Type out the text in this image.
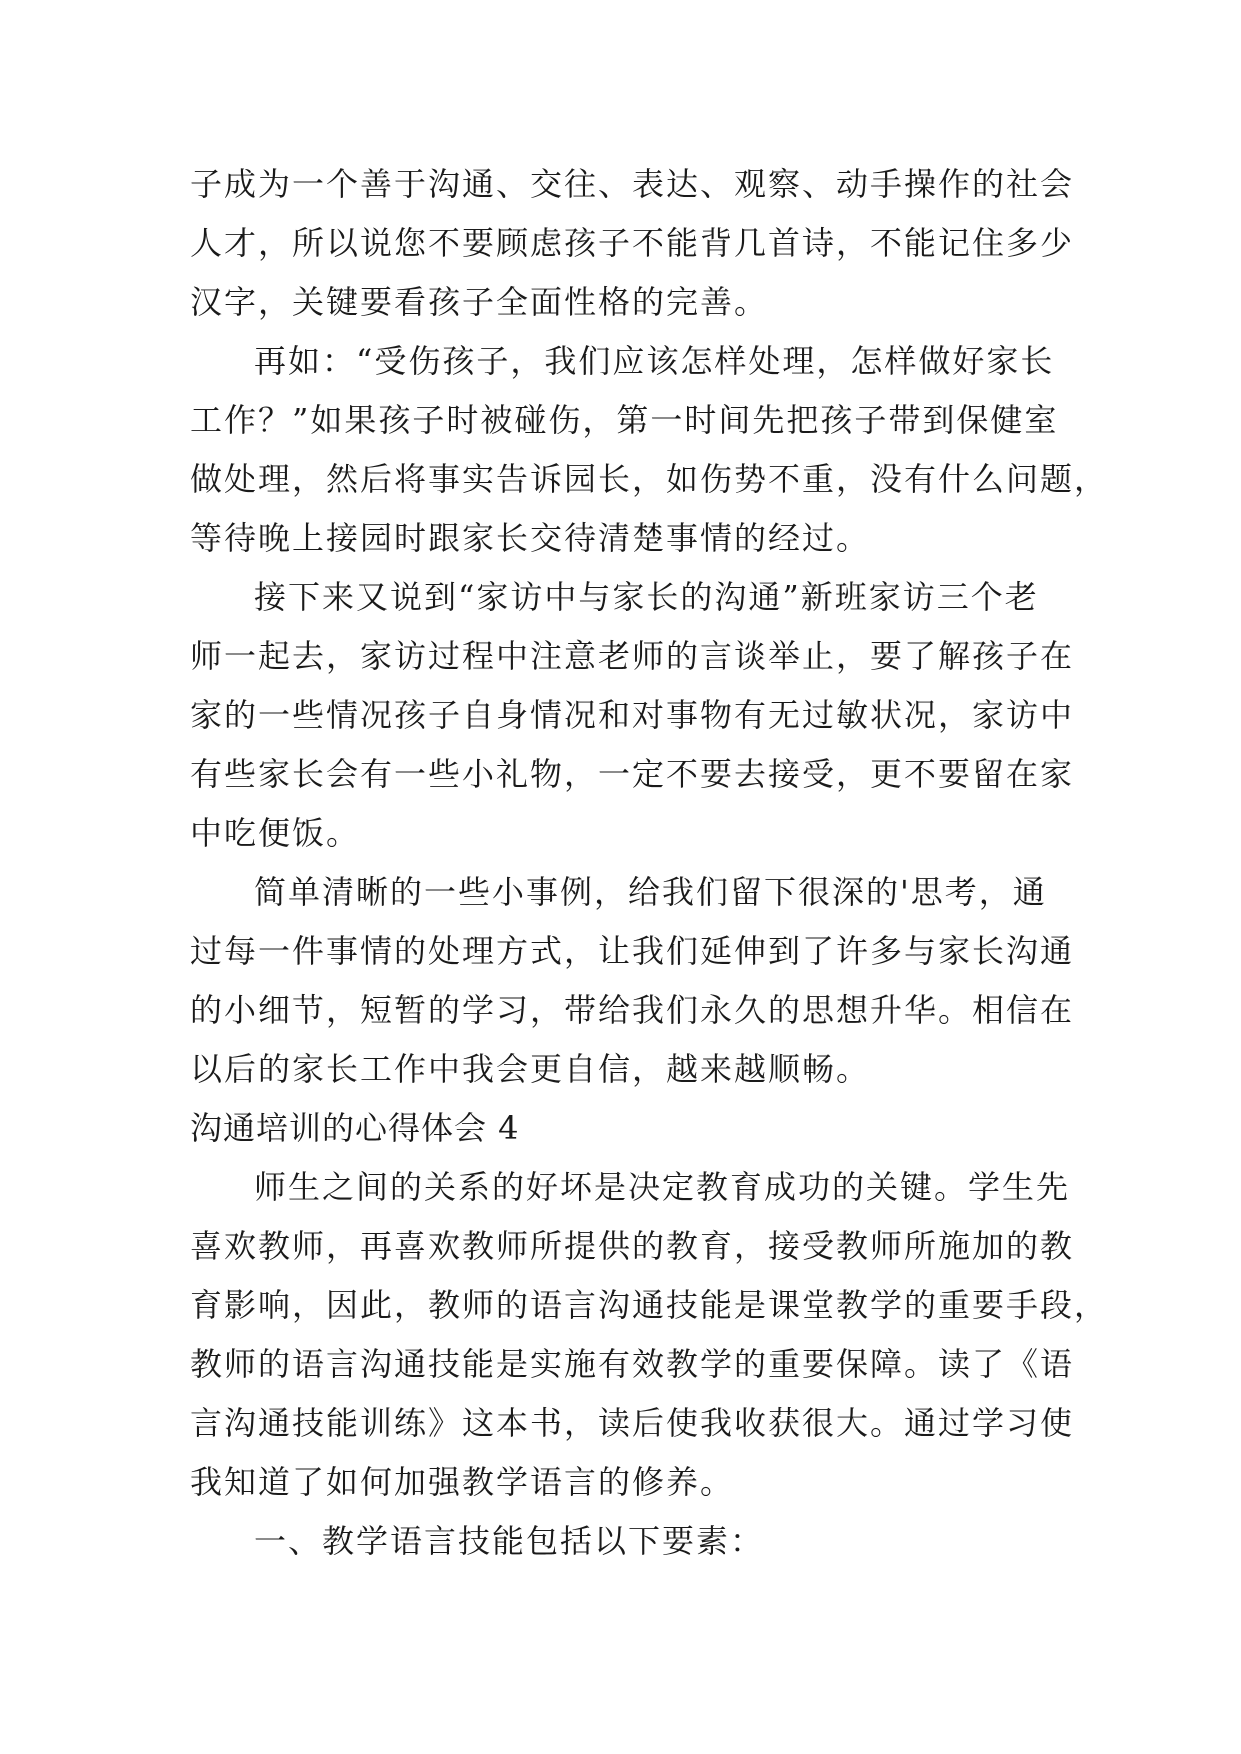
子成为一个善于沟通、交往、表达、观察、动手操作的社会
人才，所以说您不要顾虑孩子不能背几首诗，不能记住多少
汉字，关键要看孩子全面性格的完善。
再如：“受伤孩子，我们应该怎样处理，怎样做好家长
工作？”如果孩子时被碰伤，第一时间先把孩子带到保健室
做处理，然后将事实告诉园长，如伤势不重，没有什么问题，
等待晚上接园时跟家长交待清楚事情的经过。
接下来又说到“家访中与家长的沟通”新班家访三个老
师一起去，家访过程中注意老师的言谈举止，要了解孩子在
家的一些情况孩子自身情况和对事物有无过敏状况，家访中
有些家长会有一些小礼物，一定不要去接受，更不要留在家
中吃便饭。
简单清晰的一些小事例，给我们留下很深的'思考，通
过每一件事情的处理方式，让我们延伸到了许多与家长沟通
的小细节，短暂的学习，带给我们永久的思想升华。相信在
以后的家长工作中我会更自信，越来越顺畅。
沟通培训的心得体会 4
师生之间的关系的好坏是决定教育成功的关键。学生先
喜欢教师，再喜欢教师所提供的教育，接受教师所施加的教
育影响，因此，教师的语言沟通技能是课堂教学的重要手段，
教师的语言沟通技能是实施有效教学的重要保障。读了《语
言沟通技能训练》这本书，读后使我收获很大。通过学习使
我知道了如何加强教学语言的修养。
一、教学语言技能包括以下要素：
